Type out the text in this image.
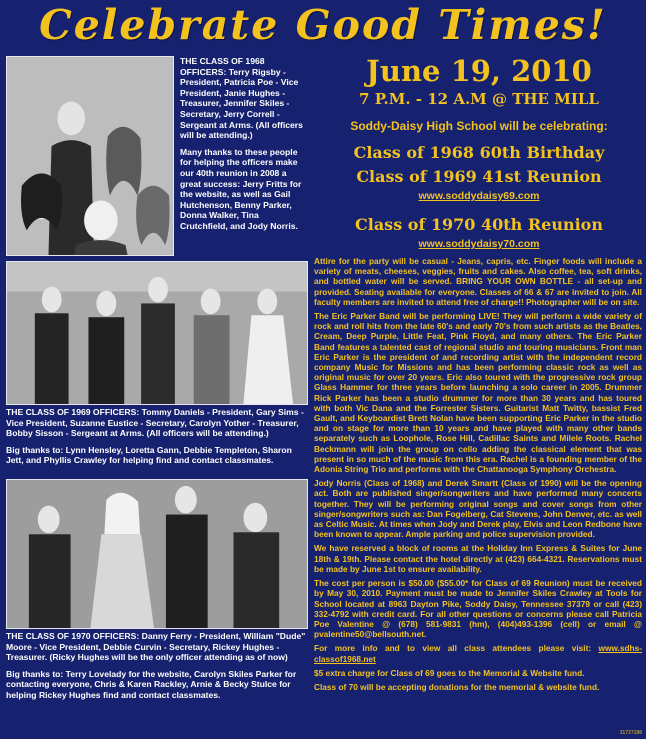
Celebrate Good Times!

THE CLASS OF 1968 OFFICERS: Terry Rigsby - President, Patricia Poe - Vice President, Janie Hughes - Treasurer, Jennifer Skiles - Secretary, Jerry Correll - Sergeant at Arms. (All officers will be attending.)

Many thanks to these people for helping the officers make our 40th reunion in 2008 a great success: Jerry Fritts for the website, as well as Gail Hutchenson, Benny Parker, Donna Walker, Tina Crutchfield, and Jody Norris.

THE CLASS OF 1969 OFFICERS: Tommy Daniels - President, Gary Sims - Vice President, Suzanne Eustice - Secretary, Carolyn Yother - Treasurer, Bobby Sisson - Sergeant at Arms. (All officers will be attending.)

Big thanks to: Lynn Hensley, Loretta Gann, Debbie Templeton, Sharon Jett, and Phyllis Crawley for helping find and contact classmates.

THE CLASS OF 1970 OFFICERS: Danny Ferry - President, William "Dude" Moore - Vice President, Debbie Curvin - Secretary, Rickey Hughes - Treasurer. (Ricky Hughes will be the only officer attending as of now)

Big thanks to: Terry Lovelady for the website, Carolyn Skiles Parker for contacting everyone, Chris & Karen Rackley, Arnie & Becky Stulce for helping Rickey Hughes find and contact classmates.

June 19, 2010
7 P.M. - 12 A.M @ THE MILL
Soddy-Daisy High School will be celebrating:
Class of 1968 60th Birthday
Class of 1969 41st Reunion
www.soddydaisy69.com
Class of 1970 40th Reunion
www.soddydaisy70.com

Attire for the party will be casual - Jeans, capris, etc. Finger foods will include a variety of meats, cheeses, veggies, fruits and cakes. Also coffee, tea, soft drinks, and bottled water will be served. BRING YOUR OWN BOTTLE - all set-up and provided. Seating available for everyone. Classes of 66 & 67 are invited to join. All faculty members are invited to attend free of charge!! Photographer will be on site.

The Eric Parker Band will be performing LIVE! They will perform a wide variety of rock and roll hits from the late 60's and early 70's from such artists as the Beatles, Cream, Deep Purple, Little Feat, Pink Floyd, and many others. The Eric Parker Band features a talented cast of regional studio and touring musicians. Front man Eric Parker is the president of and recording artist with the independent record company Music for Missions and has been performing classic rock as well as original music for over 20 years. Eric also toured with the progressive rock group Glass Hammer for three years before launching a solo career in 2005. Drummer Rick Parker has been a studio drummer for more than 30 years and has toured with both Vic Dana and the Forrester Sisters. Guitarist Matt Twitty, bassist Fred Gault, and Keyboardist Brett Nolan have been supporting Eric Parker in the studio and on stage for more than 10 years and have played with many other bands separately such as Loophole, Rose Hill, Cadillac Saints and Milele Roots. Rachel Beckmann will join the group on cello adding the classical element that was present in so much of the music from this era. Rachel is a founding member of the Adonia String Trio and performs with the Chattanooga Symphony Orchestra.

Jody Norris (Class of 1968) and Derek Smartt (Class of 1990) will be the opening act. Both are published singer/songwriters and have performed many concerts together. They will be performing original songs and cover songs from other singer/songwriters such as: Dan Fogelberg, Cat Stevens, John Denver, etc. as well as Celtic Music. At times when Jody and Derek play, Elvis and Leon Redbone have been known to appear. Ample parking and police supervision provided.

We have reserved a block of rooms at the Holiday Inn Express & Suites for June 18th & 19th. Please contact the hotel directly at (423) 664-4321. Reservations must be made by June 1st to ensure availability.

The cost per person is $50.00 ($55.00* for Class of 69 Reunion) must be received by May 30, 2010. Payment must be made to Jennifer Skiles Crawley at Tools for School located at 8963 Dayton Pike, Soddy Daisy, Tennessee 37379 or call (423) 332-4792 with credit card. For all other questions or concerns please call Patricia Poe Valentine @ (678) 581-9831 (hm), (404)493-1396 (cell) or email @ pvalentine50@bellsouth.net.

For more info and to view all class attendees please visit: www.sdhs-classof1968.net

$5 extra charge for Class of 69 goes to the Memorial & Website fund.

Class of 70 will be accepting donations for the memorial & website fund.

31727188
